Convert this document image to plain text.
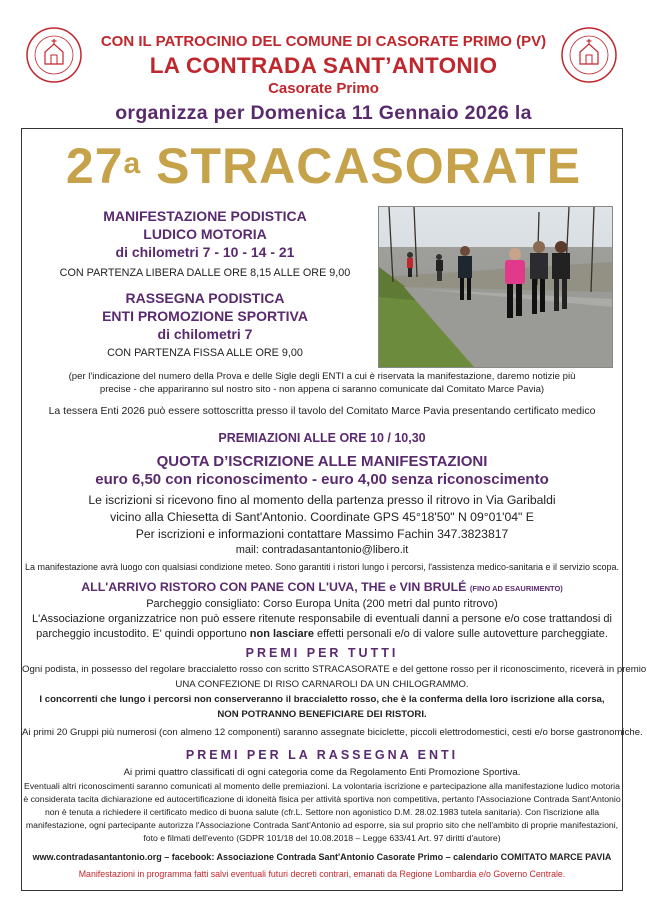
CON IL PATROCINIO DEL COMUNE DI CASORATE PRIMO (PV)
LA CONTRADA SANT’ANTONIO
Casorate Primo
organizza per Domenica 11 Gennaio 2026 la
27$^a$ STRACASORATE
MANIFESTAZIONE PODISTICA
LUDICO MOTORIA
di chilometri 7 - 10 - 14 - 21
CON PARTENZA LIBERA DALLE ORE 8,15 ALLE ORE 9,00
RASSEGNA PODISTICA
ENTI PROMOZIONE SPORTIVA
di chilometri 7
CON PARTENZA FISSA ALLE ORE 9,00
(per l'indicazione del numero della Prova e delle Sigle degli ENTI a cui è riservata la manifestazione, daremo notizie più
precise - che appariranno sul nostro sito - non appena ci saranno comunicate dal Comitato Marce Pavia)
La tessera Enti 2026 può essere sottoscritta presso il tavolo del Comitato Marce Pavia presentando certificato medico
PREMIAZIONI ALLE ORE 10 / 10,30
QUOTA D’ISCRIZIONE ALLE MANIFESTAZIONI
euro 6,50 con riconoscimento - euro 4,00 senza riconoscimento
Le iscrizioni si ricevono fino al momento della partenza presso il ritrovo in Via Garibaldi
vicino alla Chiesetta di Sant'Antonio. Coordinate GPS 45°18'50" N 09°01'04" E
Per iscrizioni e informazioni contattare Massimo Fachin 347.3823817
mail: contradasantantonio@libero.it
La manifestazione avrà luogo con qualsiasi condizione meteo. Sono garantiti i ristori lungo i percorsi, l'assistenza medico-sanitaria e il servizio scopa.
ALL'ARRIVO RISTORO CON PANE CON L'UVA, THE e VIN BRULÉ (FINO AD ESAURIMENTO)
Parcheggio consigliato: Corso Europa Unita (200 metri dal punto ritrovo)
L'Associazione organizzatrice non può essere ritenute responsabile di eventuali danni a persone e/o cose trattandosi di
parcheggio incustodito. E' quindi opportuno non lasciare effetti personali e/o di valore sulle autovetture parcheggiate.
PREMI PER TUTTI
Ogni podista, in possesso del regolare braccialetto rosso con scritto STRACASORATE e del gettone rosso per il riconoscimento, riceverà in premio
UNA CONFEZIONE DI RISO CARNAROLI DA UN CHILOGRAMMO.
I concorrenti che lungo i percorsi non conserveranno il braccialetto rosso, che è la conferma della loro iscrizione alla corsa,
NON POTRANNO BENEFICIARE DEI RISTORI.
Ai primi 20 Gruppi più numerosi (con almeno 12 componenti) saranno assegnate biciclette, piccoli elettrodomestici, cesti e/o borse gastronomiche.
PREMI PER LA RASSEGNA ENTI
Ai primi quattro classificati di ogni categoria come da Regolamento Enti Promozione Sportiva.
Eventuali altri riconoscimenti saranno comunicati al momento delle premiazioni. La volontaria iscrizione e partecipazione alla manifestazione ludico motoria
è considerata tacita dichiarazione ed autocertificazione di idoneità fisica per attività sportiva non competitiva, pertanto l'Associazione Contrada Sant'Antonio
non è tenuta a richiedere il certificato medico di buona salute (cfr.L. Settore non agonistico D.M. 28.02.1983 tutela sanitaria). Con l'iscrizione alla
manifestazione, ogni partecipante autorizza l'Associazione Contrada Sant'Antonio ad esporre, sia sul proprio sito che nell'ambito di proprie manifestazioni,
foto e filmati dell'evento (GDPR 101/18 del 10.08.2018 – Legge 633/41 Art. 97 diritti d'autore)
www.contradasantantonio.org – facebook: Associazione Contrada Sant'Antonio Casorate Primo – calendario COMITATO MARCE PAVIA
Manifestazioni in programma fatti salvi eventuali futuri decreti contrari, emanati da Regione Lombardia e/o Governo Centrale.
